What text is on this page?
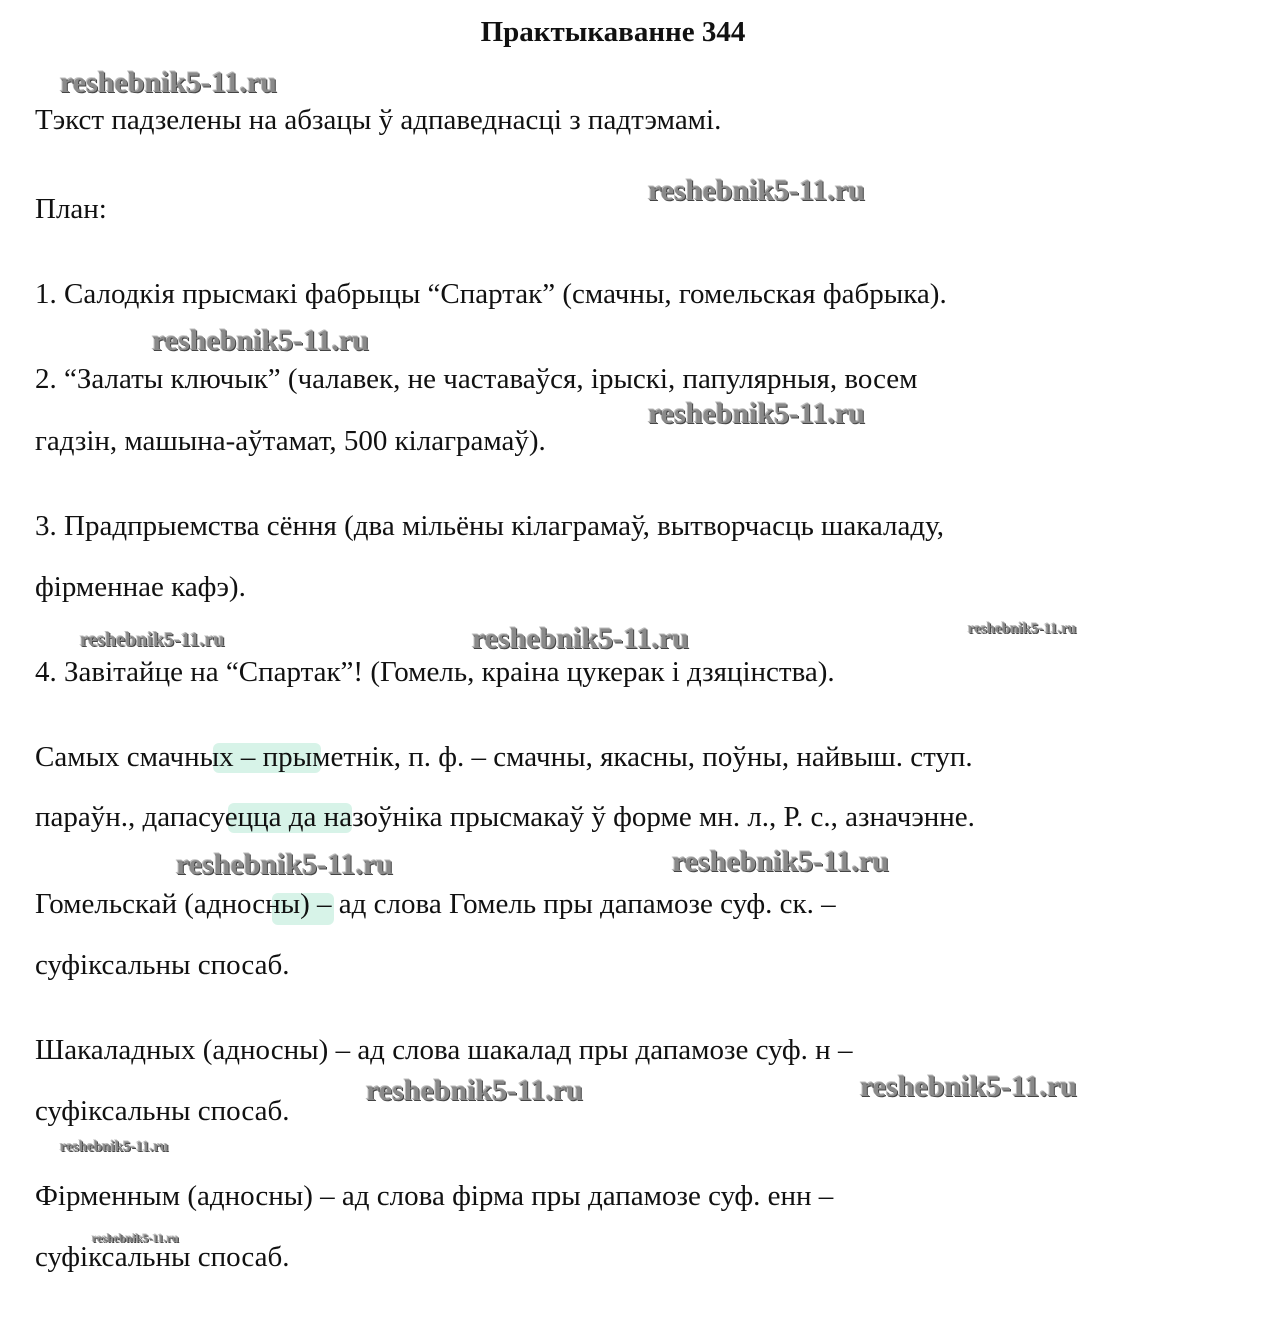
Практыкаванне 344
Тэкст падзелены на абзацы ў адпаведнасці з падтэмамі.
План:
1. Салодкія прысмакі фабрыцы “Спартак” (смачны, гомельская фабрыка).
2. “Залаты ключык” (чалавек, не частаваўся, ірыскі, папулярныя, восем
гадзін, машына-аўтамат, 500 кілаграмаў).
3. Прадпрыемства сёння (два мільёны кілаграмаў, вытворчасць шакаладу,
фірменнае кафэ).
4. Завітайце на “Спартак”! (Гомель, краіна цукерак і дзяцінства).
Самых смачных – прыметнік, п. ф. – смачны, якасны, поўны, найвыш. ступ.
параўн., дапасуецца да назоўніка прысмакаў ў форме мн. л., Р. с., азначэнне.
Гомельскай (адносны) – ад слова Гомель пры дапамозе суф. ск. –
суфіксальны спосаб.
Шакаладных (адносны) – ад слова шакалад пры дапамозе суф. н –
суфіксальны спосаб.
Фірменным (адносны) – ад слова фірма пры дапамозе суф. енн –
суфіксальны спосаб.
reshebnik5-11.ru
reshebnik5-11.ru
reshebnik5-11.ru
reshebnik5-11.ru
reshebnik5-11.ru	reshebnik5-11.ru	reshebnik5-11.ru
reshebnik5-11.ru	reshebnik5-11.ru
reshebnik5-11.ru	reshebnik5-11.ru
reshebnik5-11.ru
reshebnik5-11.ru
